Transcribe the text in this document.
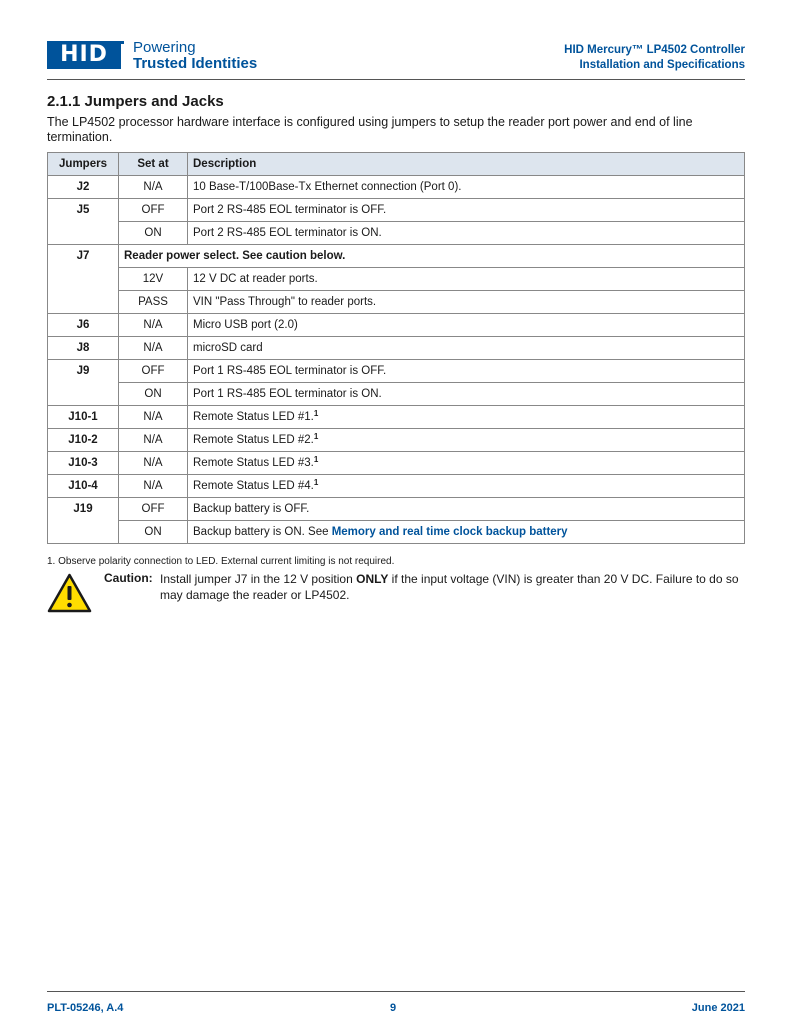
HID	Powering
Trusted Identities
HID Mercury™ LP4502 Controller
Installation and Specifications
2.1.1 Jumpers and Jacks
The LP4502 processor hardware interface is configured using jumpers to setup the reader port power and end of line termination.
Jumpers	Set at	Description
J2	N/A	10 Base-T/100Base-Tx Ethernet connection (Port 0).
J5	OFF	Port 2 RS-485 EOL terminator is OFF.
	ON	Port 2 RS-485 EOL terminator is ON.
J7	Reader power select. See caution below.	
	12V	12 V DC at reader ports.
	PASS	VIN "Pass Through" to reader ports.
J6	N/A	Micro USB port (2.0)
J8	N/A	microSD card
J9	OFF	Port 1 RS-485 EOL terminator is OFF.
	ON	Port 1 RS-485 EOL terminator is ON.
J10-1	N/A	Remote Status LED #1.$^1$
J10-2	N/A	Remote Status LED #2.$^1$
J10-3	N/A	Remote Status LED #3.$^1$
J10-4	N/A	Remote Status LED #4.$^1$
J19	OFF	Backup battery is OFF.
	ON	Backup battery is ON. See Memory and real time clock backup battery
1. Observe polarity connection to LED. External current limiting is not required.
Caution: Install jumper J7 in the 12 V position ONLY if the input voltage (VIN) is greater than 20 V DC. Failure to do so may damage the reader or LP4502.
PLT-05246, A.4	9	June 2021
